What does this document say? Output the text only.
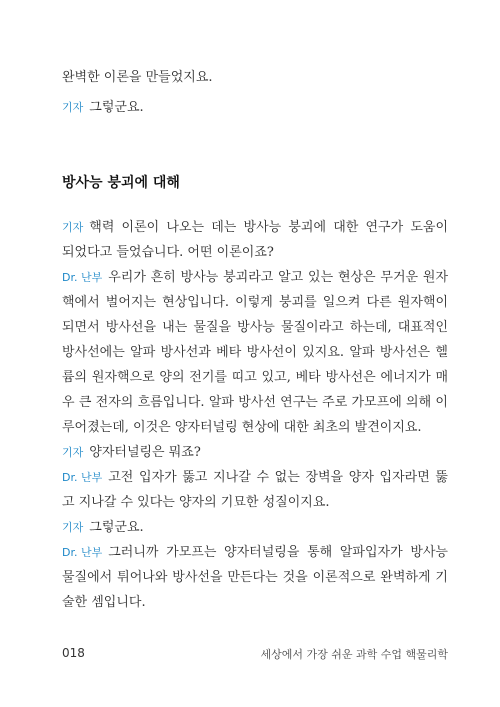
완벽한 이론을 만들었지요.
기자 그렇군요.
방사능 붕괴에 대해
기자 핵력 이론이 나오는 데는 방사능 붕괴에 대한 연구가 도움이
되었다고 들었습니다. 어떤 이론이죠?
Dr. 난부 우리가 흔히 방사능 붕괴라고 알고 있는 현상은 무거운 원자
핵에서 벌어지는 현상입니다. 이렇게 붕괴를 일으켜 다른 원자핵이
되면서 방사선을 내는 물질을 방사능 물질이라고 하는데, 대표적인
방사선에는 알파 방사선과 베타 방사선이 있지요. 알파 방사선은 헬
륨의 원자핵으로 양의 전기를 띠고 있고, 베타 방사선은 에너지가 매
우 큰 전자의 흐름입니다. 알파 방사선 연구는 주로 가모프에 의해 이
루어졌는데, 이것은 양자터널링 현상에 대한 최초의 발견이지요.
기자 양자터널링은 뭐죠?
Dr. 난부 고전 입자가 뚫고 지나갈 수 없는 장벽을 양자 입자라면 뚫
고 지나갈 수 있다는 양자의 기묘한 성질이지요.
기자 그렇군요.
Dr. 난부 그러니까 가모프는 양자터널링을 통해 알파입자가 방사능
물질에서 튀어나와 방사선을 만든다는 것을 이론적으로 완벽하게 기
술한 셈입니다.
018	세상에서 가장 쉬운 과학 수업 핵물리학
